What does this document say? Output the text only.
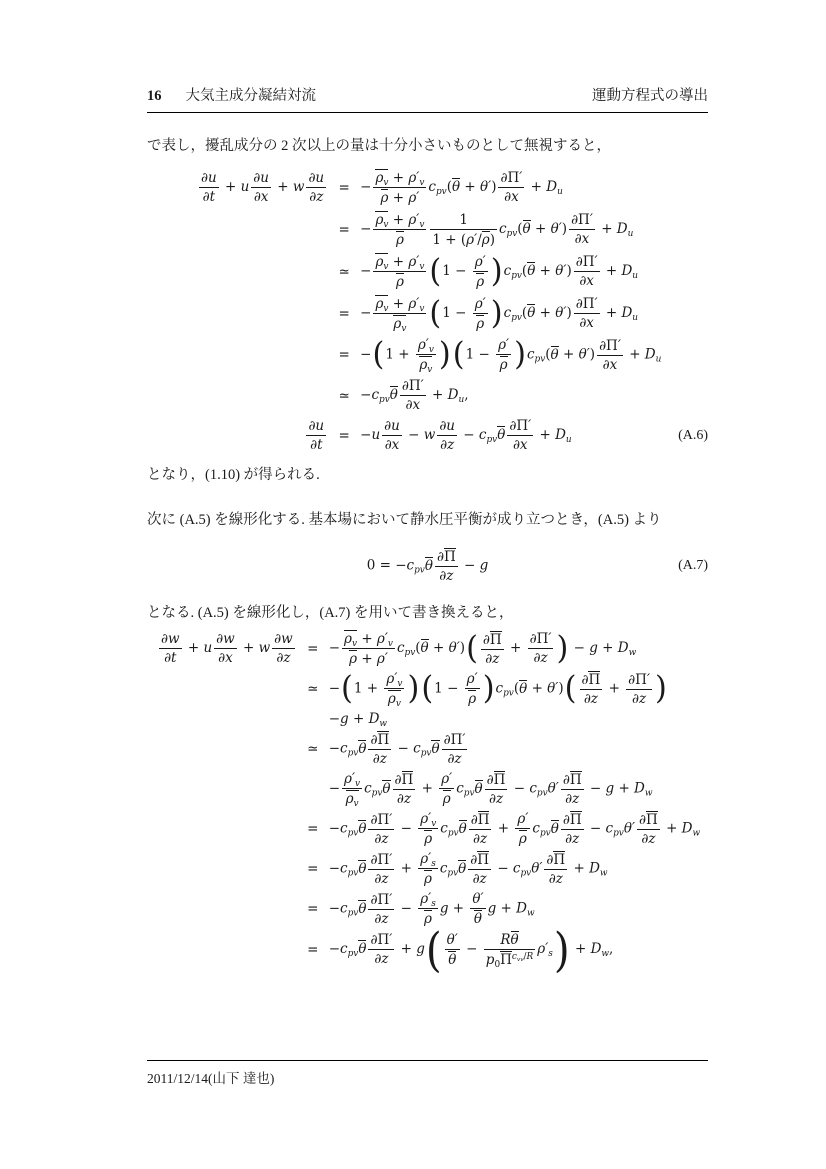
16 大気主成分凝結対流	運動方程式の導出

で表し，擾乱成分の 2 次以上の量は十分小さいものとして無視すると，

$\frac{\partial u}{\partial t} + u \frac{\partial u}{\partial x} + w \frac{\partial u}{\partial z}$ = − $\frac{\rho_v + \rho'_v}{\rho + \rho'} c_{pv}(\theta + \theta') \frac{\partial\Pi'}{\partial x} + D_u$
= − $\frac{\rho_v + \rho'_v}{\rho} \frac{1}{1 + (\rho'/\rho)} c_{pv}(\theta + \theta') \frac{\partial\Pi'}{\partial x} + D_u$
≃ − $\frac{\rho_v + \rho'_v}{\rho} (1 - \frac{\rho'}{\rho} )c_{pv}(\theta + \theta') \frac{\partial\Pi'}{\partial x} + D_u$
= − $\frac{\rho_v + \rho'_v}{\rho_v} (1 - \frac{\rho'}{\rho} )c_{pv}(\theta + \theta') \frac{\partial\Pi'}{\partial x} + D_u$
= $-(1 + \frac{\rho'_v}{\rho_v} )(1 - \frac{\rho'}{\rho} )c_{pv}(\theta + \theta') \frac{\partial\Pi'}{\partial x} + D_u$
≃ $-c_{pv}\theta \frac{\partial\Pi'}{\partial x} + D_u$,
$\frac{\partial u}{\partial t} = -u \frac{\partial u}{\partial x} - w \frac{\partial u}{\partial z} - c_{pv}\theta \frac{\partial\Pi'}{\partial x} + D_u$	(A.6)

となり，(1.10) が得られる.

次に (A.5) を線形化する. 基本場において静水圧平衡が成り立つとき，(A.5) より

$0 = -c_{pv}\theta \frac{\partial\Pi}{\partial z} - g$	(A.7)

となる. (A.5) を線形化し，(A.7) を用いて書き換えると，

$\frac{\partial w}{\partial t} + u \frac{\partial w}{\partial x} + w \frac{\partial w}{\partial z}$ = − $\frac{\rho_v + \rho'_v}{\rho + \rho'} c_{pv}(\theta + \theta')( \frac{\partial\Pi}{\partial z} + \frac{\partial\Pi'}{\partial z}$ ) − $g + D_w$
≃ $-(1 + \frac{\rho'_v}{\rho_v} )(1 - \frac{\rho'}{\rho} )c_{pv}(\theta + \theta')( \frac{\partial\Pi}{\partial z} + \frac{\partial\Pi'}{\partial z}$ )
$-g + D_w$
≃ $-c_{pv}\theta \frac{\partial\Pi}{\partial z} - c_{pv}\theta \frac{\partial\Pi'}{\partial z}$
− $\frac{\rho'_v}{\rho_v} c_{pv}\theta \frac{\partial\Pi}{\partial z} + \frac{\rho'}{\rho} c_{pv}\theta \frac{\partial\Pi}{\partial z} - c_{pv}\theta' \frac{\partial\Pi}{\partial z} - g + D_w$
= $-c_{pv}\theta \frac{\partial\Pi'}{\partial z} - \frac{\rho'_v}{\rho} c_{pv}\theta \frac{\partial\Pi}{\partial z} + \frac{\rho'}{\rho} c_{pv}\theta \frac{\partial\Pi}{\partial z} - c_{pv}\theta' \frac{\partial\Pi}{\partial z} + D_w$
= $-c_{pv}\theta \frac{\partial\Pi'}{\partial z} + \frac{\rho'_s}{\rho} c_{pv}\theta \frac{\partial\Pi}{\partial z} - c_{pv}\theta' \frac{\partial\Pi}{\partial z} + D_w$
= $-c_{pv}\theta \frac{\partial\Pi'}{\partial z} - \frac{\rho'_s}{\rho}$ $g + \frac{\theta'}{\theta}$ $g + D_w$
= $-c_{pv}\theta \frac{\partial\Pi'}{\partial z} + g( \frac{\theta'}{\theta} - \frac{R\theta}{p_0\Pi^{c_{vv}/R}} \rho'_s) + D_w$,
2011/12/14(山下 達也)
